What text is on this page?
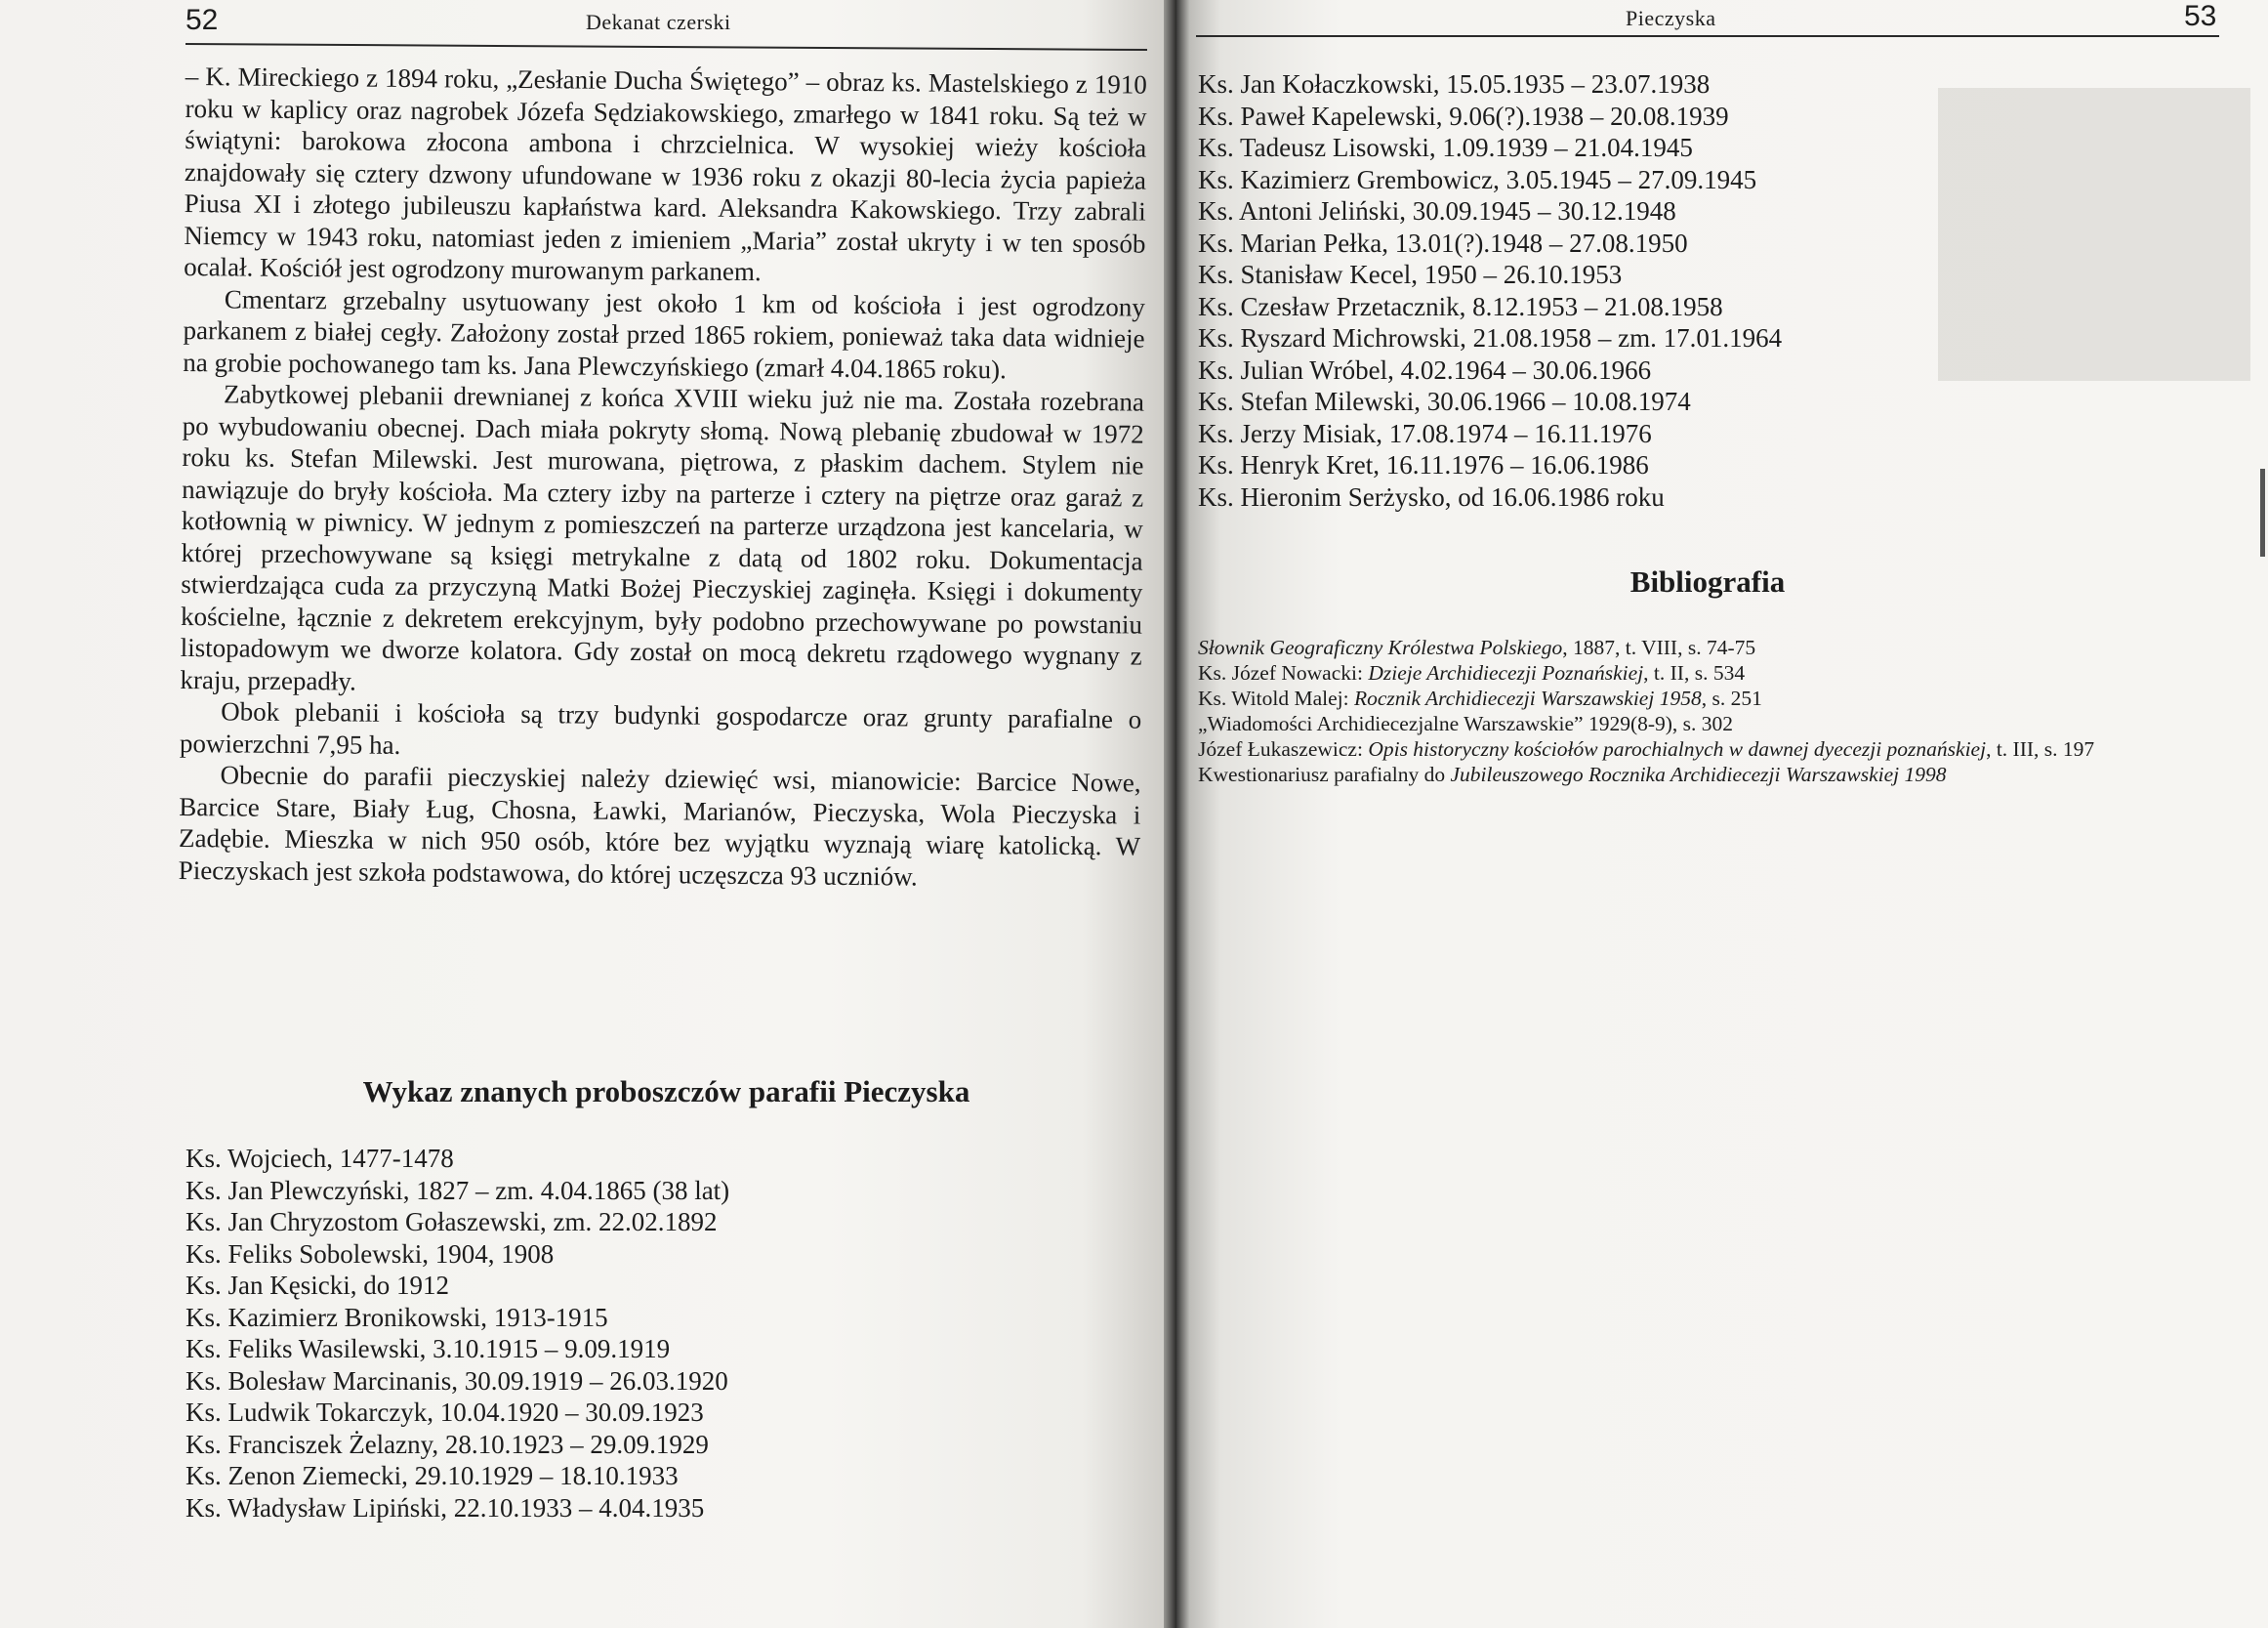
52	Dekanat czerski

– K. Mireckiego z 1894 roku, „Zesłanie Ducha Świętego” – obraz ks. Mastelskiego z 1910 roku w kaplicy oraz nagrobek Józefa Sędziakowskiego, zmarłego w 1841 roku. Są też w świątyni: barokowa złocona ambona i chrzcielnica. W wysokiej wieży kościoła znajdowały się cztery dzwony ufundowane w 1936 roku z okazji 80-lecia życia papieża Piusa XI i złotego jubileuszu kapłaństwa kard. Aleksandra Kakowskiego. Trzy zabrali Niemcy w 1943 roku, natomiast jeden z imieniem „Maria” został ukryty i w ten sposób ocalał. Kościół jest ogrodzony murowanym parkanem.

Cmentarz grzebalny usytuowany jest około 1 km od kościoła i jest ogrodzony parkanem z białej cegły. Założony został przed 1865 rokiem, ponieważ taka data widnieje na grobie pochowanego tam ks. Jana Plewczyńskiego (zmarł 4.04.1865 roku).

Zabytkowej plebanii drewnianej z końca XVIII wieku już nie ma. Została rozebrana po wybudowaniu obecnej. Dach miała pokryty słomą. Nową plebanię zbudował w 1972 roku ks. Stefan Milewski. Jest murowana, piętrowa, z płaskim dachem. Stylem nie nawiązuje do bryły kościoła. Ma cztery izby na parterze i cztery na piętrze oraz garaż z kotłownią w piwnicy. W jednym z pomieszczeń na parterze urządzona jest kancelaria, w której przechowywane są księgi metrykalne z datą od 1802 roku. Dokumentacja stwierdzająca cuda za przyczyną Matki Bożej Pieczyskiej zaginęła. Księgi i dokumenty kościelne, łącznie z dekretem erekcyjnym, były podobno przechowywane po powstaniu listopadowym we dworze kolatora. Gdy został on mocą dekretu rządowego wygnany z kraju, przepadły.

Obok plebanii i kościoła są trzy budynki gospodarcze oraz grunty parafialne o powierzchni 7,95 ha.

Obecnie do parafii pieczyskiej należy dziewięć wsi, mianowicie: Barcice Nowe, Barcice Stare, Biały Ług, Chosna, Ławki, Marianów, Pieczyska, Wola Pieczyska i Zadębie. Mieszka w nich 950 osób, które bez wyjątku wyznają wiarę katolicką. W Pieczyskach jest szkoła podstawowa, do której uczęszcza 93 uczniów.

Wykaz znanych proboszczów parafii Pieczyska
Ks. Wojciech, 1477-1478
Ks. Jan Plewczyński, 1827 – zm. 4.04.1865 (38 lat)
Ks. Jan Chryzostom Gołaszewski, zm. 22.02.1892
Ks. Feliks Sobolewski, 1904, 1908
Ks. Jan Kęsicki, do 1912
Ks. Kazimierz Bronikowski, 1913-1915
Ks. Feliks Wasilewski, 3.10.1915 – 9.09.1919
Ks. Bolesław Marcinanis, 30.09.1919 – 26.03.1920
Ks. Ludwik Tokarczyk, 10.04.1920 – 30.09.1923
Ks. Franciszek Żelazny, 28.10.1923 – 29.09.1929
Ks. Zenon Ziemecki, 29.10.1929 – 18.10.1933
Ks. Władysław Lipiński, 22.10.1933 – 4.04.1935
Pieczyska	53
Ks. Jan Kołaczkowski, 15.05.1935 – 23.07.1938
Ks. Paweł Kapelewski, 9.06(?).1938 – 20.08.1939
Ks. Tadeusz Lisowski, 1.09.1939 – 21.04.1945
Ks. Kazimierz Grembowicz, 3.05.1945 – 27.09.1945
Ks. Antoni Jeliński, 30.09.1945 – 30.12.1948
Ks. Marian Pełka, 13.01(?).1948 – 27.08.1950
Ks. Stanisław Kecel, 1950 – 26.10.1953
Ks. Czesław Przetacznik, 8.12.1953 – 21.08.1958
Ks. Ryszard Michrowski, 21.08.1958 – zm. 17.01.1964
Ks. Julian Wróbel, 4.02.1964 – 30.06.1966
Ks. Stefan Milewski, 30.06.1966 – 10.08.1974
Ks. Jerzy Misiak, 17.08.1974 – 16.11.1976
Ks. Henryk Kret, 16.11.1976 – 16.06.1986
Ks. Hieronim Serżysko, od 16.06.1986 roku
Bibliografia
Słownik Geograficzny Królestwa Polskiego, 1887, t. VIII, s. 74-75
Ks. Józef Nowacki: Dzieje Archidiecezji Poznańskiej, t. II, s. 534
Ks. Witold Malej: Rocznik Archidiecezji Warszawskiej 1958, s. 251
„Wiadomości Archidiecezjalne Warszawskie” 1929(8-9), s. 302
Józef Łukaszewicz: Opis historyczny kościołów parochialnych w dawnej dyecezji poznańskiej, t. III, s. 197
Kwestionariusz parafialny do Jubileuszowego Rocznika Archidiecezji Warszawskiej 1998
